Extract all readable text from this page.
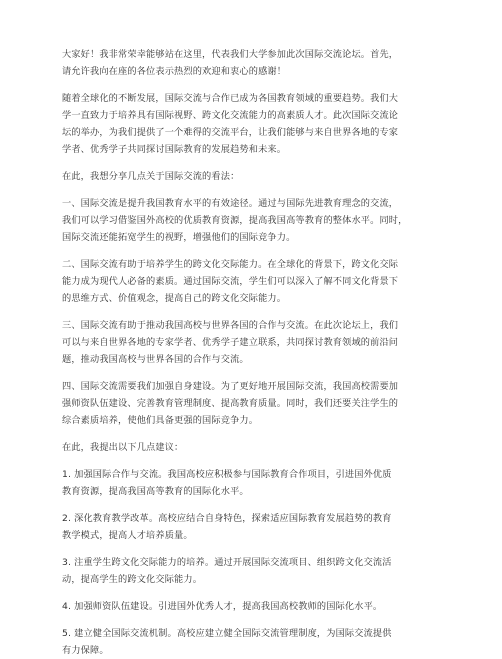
大家好！我非常荣幸能够站在这里，代表我们大学参加此次国际交流论坛。首先，
请允许我向在座的各位表示热烈的欢迎和衷心的感谢！

随着全球化的不断发展，国际交流与合作已成为各国教育领域的重要趋势。我们大
学一直致力于培养具有国际视野、跨文化交流能力的高素质人才。此次国际交流论
坛的举办，为我们提供了一个难得的交流平台，让我们能够与来自世界各地的专家
学者、优秀学子共同探讨国际教育的发展趋势和未来。

在此，我想分享几点关于国际交流的看法：

一、国际交流是提升我国教育水平的有效途径。通过与国际先进教育理念的交流，
我们可以学习借鉴国外高校的优质教育资源，提高我国高等教育的整体水平。同时，
国际交流还能拓宽学生的视野，增强他们的国际竞争力。

二、国际交流有助于培养学生的跨文化交际能力。在全球化的背景下，跨文化交际
能力成为现代人必备的素质。通过国际交流，学生们可以深入了解不同文化背景下
的思维方式、价值观念，提高自己的跨文化交际能力。

三、国际交流有助于推动我国高校与世界各国的合作与交流。在此次论坛上，我们
可以与来自世界各地的专家学者、优秀学子建立联系，共同探讨教育领域的前沿问
题，推动我国高校与世界各国的合作与交流。

四、国际交流需要我们加强自身建设。为了更好地开展国际交流，我国高校需要加
强师资队伍建设、完善教育管理制度、提高教育质量。同时，我们还要关注学生的
综合素质培养，使他们具备更强的国际竞争力。

在此，我提出以下几点建议：

1. 加强国际合作与交流。我国高校应积极参与国际教育合作项目，引进国外优质
教育资源，提高我国高等教育的国际化水平。

2. 深化教育教学改革。高校应结合自身特色，探索适应国际教育发展趋势的教育
教学模式，提高人才培养质量。

3. 注重学生跨文化交际能力的培养。通过开展国际交流项目、组织跨文化交流活
动，提高学生的跨文化交际能力。

4. 加强师资队伍建设。引进国外优秀人才，提高我国高校教师的国际化水平。

5. 建立健全国际交流机制。高校应建立健全国际交流管理制度，为国际交流提供
有力保障。
